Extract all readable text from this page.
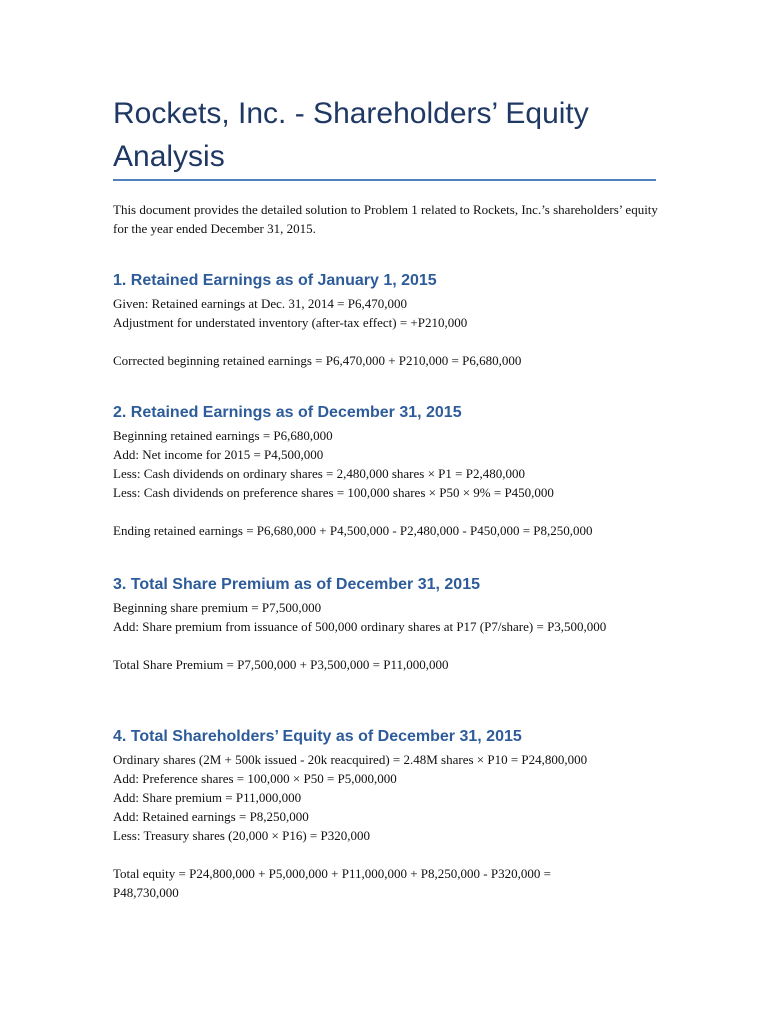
Rockets, Inc. - Shareholders’ Equity Analysis

This document provides the detailed solution to Problem 1 related to Rockets, Inc.’s shareholders’ equity for the year ended December 31, 2015.

1. Retained Earnings as of January 1, 2015
Given: Retained earnings at Dec. 31, 2014 = P6,470,000
Adjustment for understated inventory (after-tax effect) = +P210,000
Corrected beginning retained earnings = P6,470,000 + P210,000 = P6,680,000
2. Retained Earnings as of December 31, 2015
Beginning retained earnings = P6,680,000
Add: Net income for 2015 = P4,500,000
Less: Cash dividends on ordinary shares = 2,480,000 shares × P1 = P2,480,000
Less: Cash dividends on preference shares = 100,000 shares × P50 × 9% = P450,000
Ending retained earnings = P6,680,000 + P4,500,000 - P2,480,000 - P450,000 = P8,250,000
3. Total Share Premium as of December 31, 2015
Beginning share premium = P7,500,000
Add: Share premium from issuance of 500,000 ordinary shares at P17 (P7/share) = P3,500,000
Total Share Premium = P7,500,000 + P3,500,000 = P11,000,000
4. Total Shareholders’ Equity as of December 31, 2015
Ordinary shares (2M + 500k issued - 20k reacquired) = 2.48M shares × P10 = P24,800,000
Add: Preference shares = 100,000 × P50 = P5,000,000
Add: Share premium = P11,000,000
Add: Retained earnings = P8,250,000
Less: Treasury shares (20,000 × P16) = P320,000
Total equity = P24,800,000 + P5,000,000 + P11,000,000 + P8,250,000 - P320,000 = P48,730,000
